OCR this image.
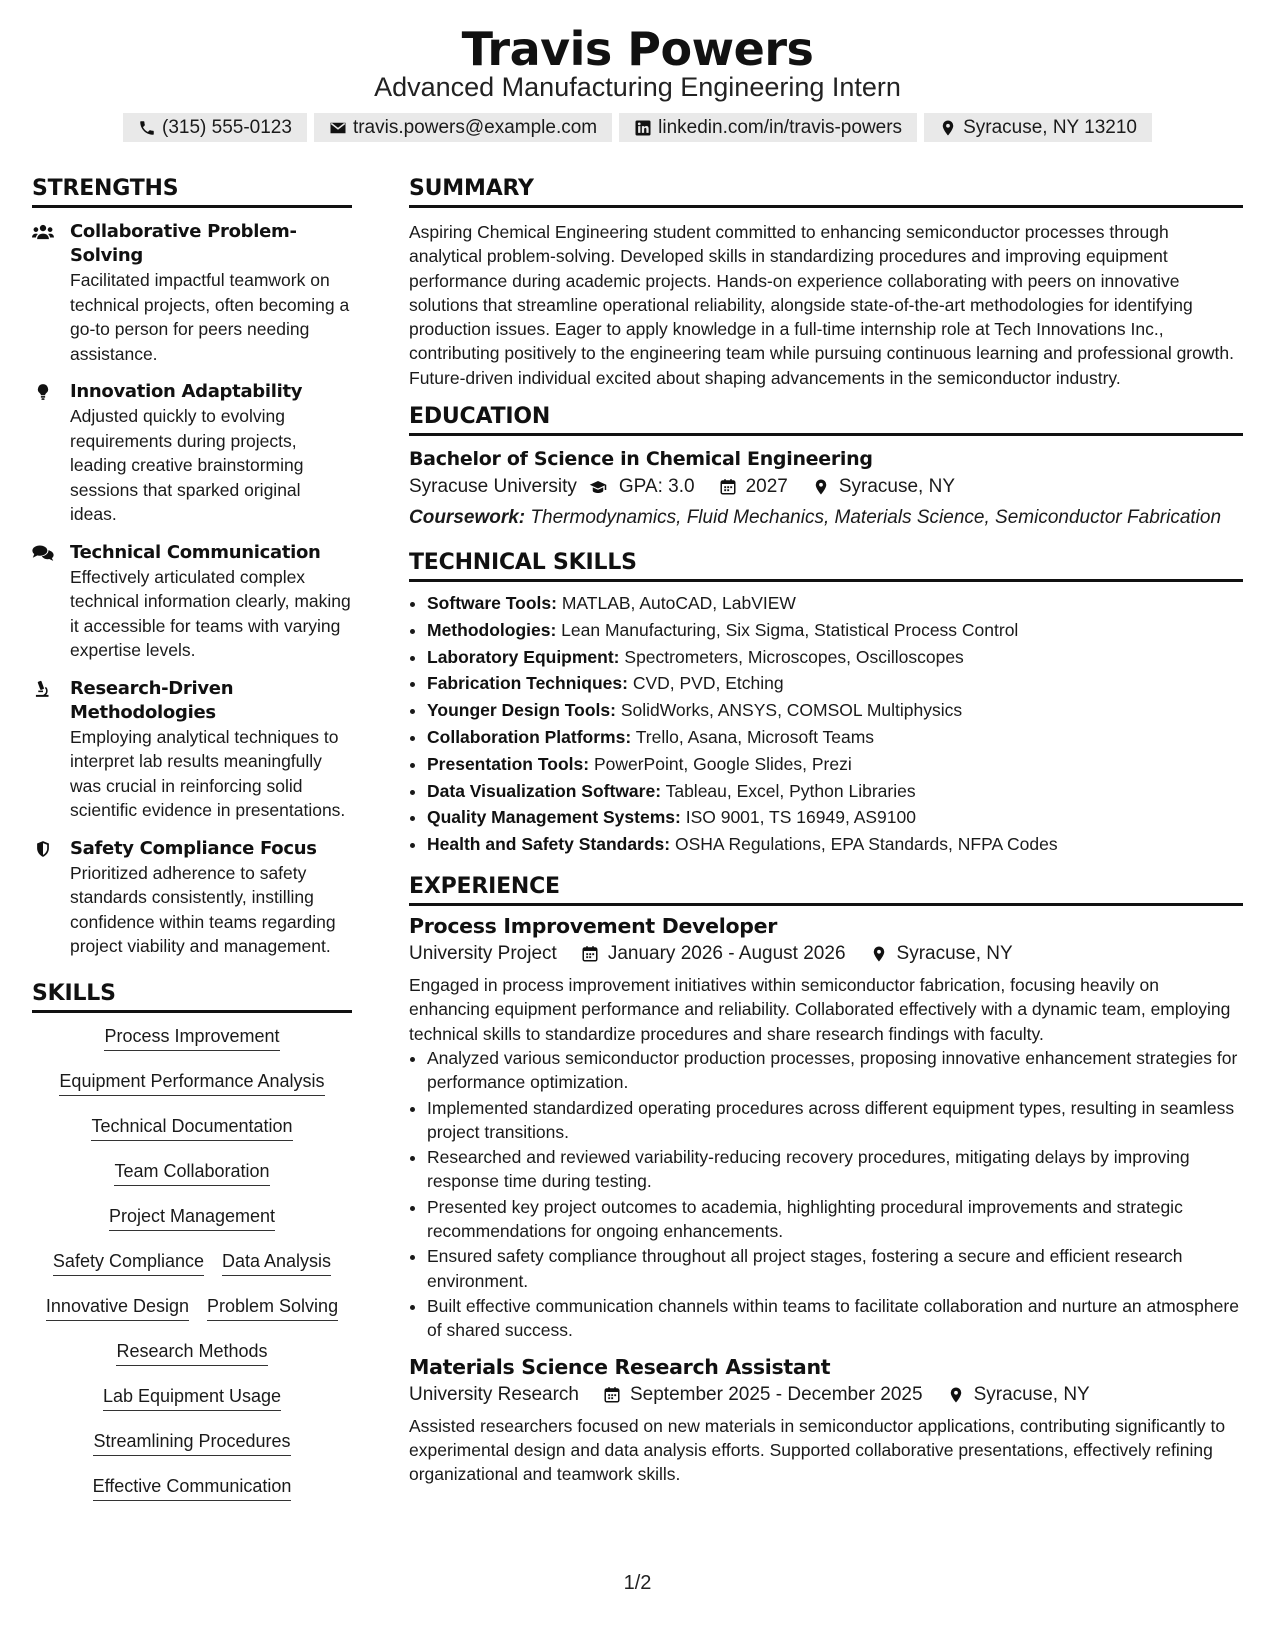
Travis Powers
Advanced Manufacturing Engineering Intern
(315) 555-0123	travis.powers@example.com	linkedin.com/in/travis-powers	Syracuse, NY 13210
STRENGTHS
Collaborative Problem-Solving
Facilitated impactful teamwork on technical projects, often becoming a go-to person for peers needing assistance.
Innovation Adaptability
Adjusted quickly to evolving requirements during projects, leading creative brainstorming sessions that sparked original ideas.
Technical Communication
Effectively articulated complex technical information clearly, making it accessible for teams with varying expertise levels.
Research-Driven Methodologies
Employing analytical techniques to interpret lab results meaningfully was crucial in reinforcing solid scientific evidence in presentations.
Safety Compliance Focus
Prioritized adherence to safety standards consistently, instilling confidence within teams regarding project viability and management.
SKILLS
Process Improvement
Equipment Performance Analysis
Technical Documentation
Team Collaboration
Project Management
Safety Compliance Data Analysis
Innovative Design Problem Solving
Research Methods
Lab Equipment Usage
Streamlining Procedures
Effective Communication
SUMMARY

Aspiring Chemical Engineering student committed to enhancing semiconductor processes through analytical problem-solving. Developed skills in standardizing procedures and improving equipment performance during academic projects. Hands-on experience collaborating with peers on innovative solutions that streamline operational reliability, alongside state-of-the-art methodologies for identifying production issues. Eager to apply knowledge in a full-time internship role at Tech Innovations Inc., contributing positively to the engineering team while pursuing continuous learning and professional growth. Future-driven individual excited about shaping advancements in the semiconductor industry.

EDUCATION
Bachelor of Science in Chemical Engineering
Syracuse University GPA: 3.0	2027	Syracuse, NY
Coursework: Thermodynamics, Fluid Mechanics, Materials Science, Semiconductor Fabrication
TECHNICAL SKILLS
• Software Tools: MATLAB, AutoCAD, LabVIEW
• Methodologies: Lean Manufacturing, Six Sigma, Statistical Process Control
• Laboratory Equipment: Spectrometers, Microscopes, Oscilloscopes
• Fabrication Techniques: CVD, PVD, Etching
• Younger Design Tools: SolidWorks, ANSYS, COMSOL Multiphysics
• Collaboration Platforms: Trello, Asana, Microsoft Teams
• Presentation Tools: PowerPoint, Google Slides, Prezi
• Data Visualization Software: Tableau, Excel, Python Libraries
• Quality Management Systems: ISO 9001, TS 16949, AS9100
• Health and Safety Standards: OSHA Regulations, EPA Standards, NFPA Codes
EXPERIENCE
Process Improvement Developer
University Project	January 2026 - August 2026	Syracuse, NY

Engaged in process improvement initiatives within semiconductor fabrication, focusing heavily on enhancing equipment performance and reliability. Collaborated effectively with a dynamic team, employing technical skills to standardize procedures and share research findings with faculty.

• Analyzed various semiconductor production processes, proposing innovative enhancement strategies for performance optimization.
• Implemented standardized operating procedures across different equipment types, resulting in seamless project transitions.
• Researched and reviewed variability-reducing recovery procedures, mitigating delays by improving response time during testing.
• Presented key project outcomes to academia, highlighting procedural improvements and strategic recommendations for ongoing enhancements.
• Ensured safety compliance throughout all project stages, fostering a secure and efficient research environment.
• Built effective communication channels within teams to facilitate collaboration and nurture an atmosphere of shared success.
Materials Science Research Assistant
University Research	September 2025 - December 2025	Syracuse, NY

Assisted researchers focused on new materials in semiconductor applications, contributing significantly to experimental design and data analysis efforts. Supported collaborative presentations, effectively refining organizational and teamwork skills.

1/2
